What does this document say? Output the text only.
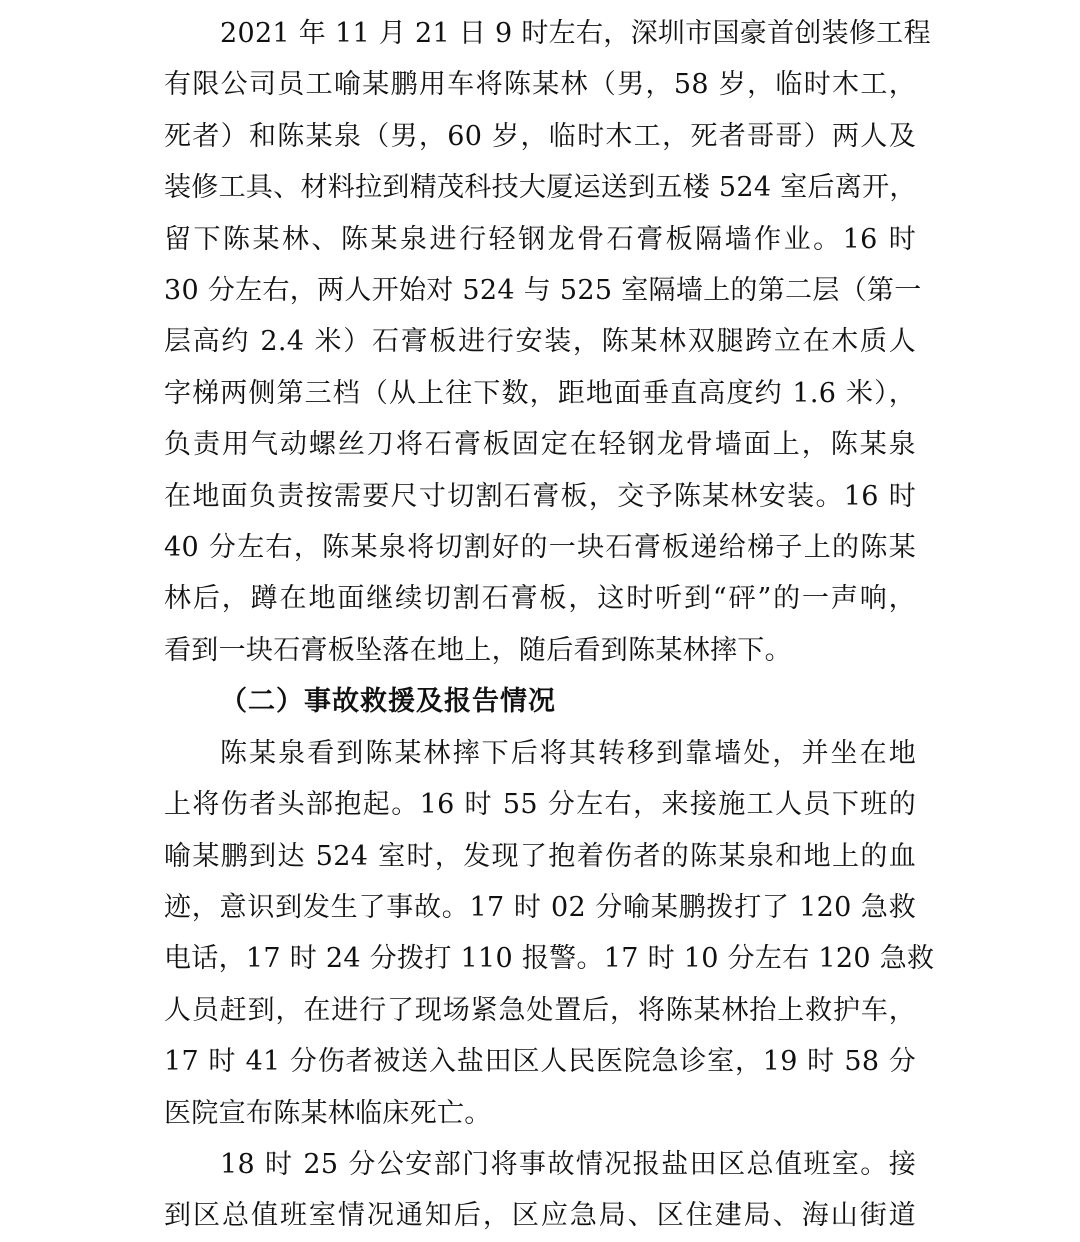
2021 年 11 月 21 日 9 时左右，深圳市国豪首创装修工程
有限公司员工喻某鹏用车将陈某林（男，58 岁，临时木工，
死者）和陈某泉（男，60 岁，临时木工，死者哥哥）两人及
装修工具、材料拉到精茂科技大厦运送到五楼 524 室后离开，
留下陈某林、陈某泉进行轻钢龙骨石膏板隔墙作业。16 时
30 分左右，两人开始对 524 与 525 室隔墙上的第二层（第一
层高约 2.4 米）石膏板进行安装，陈某林双腿跨立在木质人
字梯两侧第三档（从上往下数，距地面垂直高度约 1.6 米），
负责用气动螺丝刀将石膏板固定在轻钢龙骨墙面上，陈某泉
在地面负责按需要尺寸切割石膏板，交予陈某林安装。16 时
40 分左右，陈某泉将切割好的一块石膏板递给梯子上的陈某
林后，蹲在地面继续切割石膏板，这时听到“砰”的一声响，
看到一块石膏板坠落在地上，随后看到陈某林摔下。
（二）事故救援及报告情况
陈某泉看到陈某林摔下后将其转移到靠墙处，并坐在地
上将伤者头部抱起。16 时 55 分左右，来接施工人员下班的
喻某鹏到达 524 室时，发现了抱着伤者的陈某泉和地上的血
迹，意识到发生了事故。17 时 02 分喻某鹏拨打了 120 急救
电话，17 时 24 分拨打 110 报警。17 时 10 分左右 120 急救
人员赶到，在进行了现场紧急处置后，将陈某林抬上救护车，
17 时 41 分伤者被送入盐田区人民医院急诊室，19 时 58 分
医院宣布陈某林临床死亡。
18 时 25 分公安部门将事故情况报盐田区总值班室。接
到区总值班室情况通知后，区应急局、区住建局、海山街道
